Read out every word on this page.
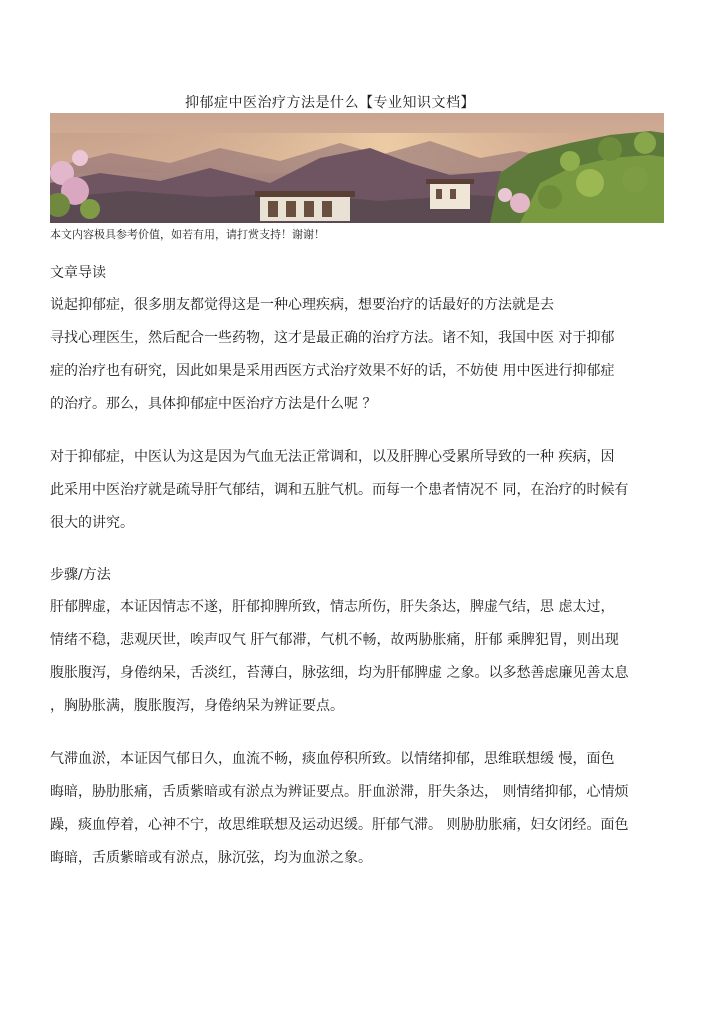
抑郁症中医治疗方法是什么【专业知识文档】
本文内容极具参考价值，如若有用，请打赏支持！谢谢！
文章导读
说起抑郁症，很多朋友都觉得这是一种心理疾病，想要治疗的话最好的方法就是去
寻找心理医生，然后配合一些药物，这才是最正确的治疗方法。诸不知，我国中医 对于抑郁
症的治疗也有研究，因此如果是采用西医方式治疗效果不好的话，不妨使 用中医进行抑郁症
的治疗。那么，具体抑郁症中医治疗方法是什么呢 ？
对于抑郁症，中医认为这是因为气血无法正常调和，以及肝脾心受累所导致的一种 疾病，因
此采用中医治疗就是疏导肝气郁结，调和五脏气机。而每一个患者情况不 同，在治疗的时候有
很大的讲究。
步骤/方法
肝郁脾虚，本证因情志不遂，肝郁抑脾所致，情志所伤，肝失条达，脾虚气结，思 虑太过，
情绪不稳，悲观厌世，唉声叹气 肝气郁滞，气机不畅，故两胁胀痛，肝郁 乘脾犯胃，则出现
腹胀腹泻，身倦纳呆，舌淡红，苔薄白，脉弦细，均为肝郁脾虚 之象。以多愁善虑廉见善太息
，胸胁胀满，腹胀腹泻，身倦纳呆为辨证要点。
气滞血淤，本证因气郁日久，血流不畅，痰血停积所致。以情绪抑郁，思维联想缓 慢，面色
晦暗，胁肋胀痛，舌质紫暗或有淤点为辨证要点。肝血淤滞，肝失条达， 则情绪抑郁，心情烦
躁，痰血停着，心神不宁，故思维联想及运动迟缓。肝郁气滞。 则胁肋胀痛，妇女闭经。面色
晦暗，舌质紫暗或有淤点，脉沉弦，均为血淤之象。
